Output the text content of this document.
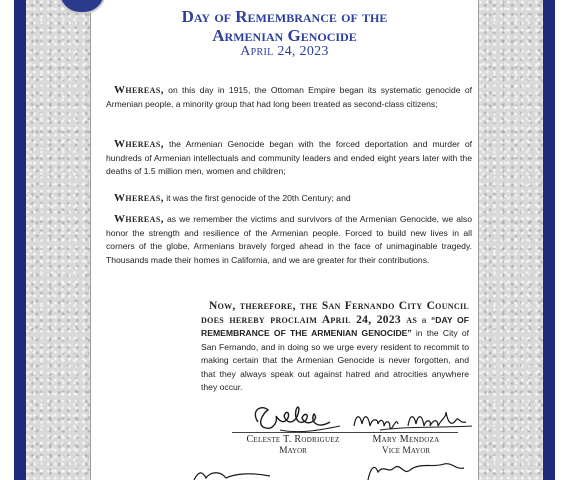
Day of Remembrance of the
Armenian Genocide
April 24, 2023
Whereas, on this day in 1915, the Ottoman Empire began its systematic genocide of Armenian people, a minority group that had long been treated as second-class citizens;
Whereas, the Armenian Genocide began with the forced deportation and murder of hundreds of Armenian intellectuals and community leaders and ended eight years later with the deaths of 1.5 million men, women and children;
Whereas, it was the first genocide of the 20th Century; and
Whereas, as we remember the victims and survivors of the Armenian Genocide, we also honor the strength and resilience of the Armenian people. Forced to build new lives in all corners of the globe, Armenians bravely forged ahead in the face of unimaginable tragedy. Thousands made their homes in California, and we are greater for their contributions.
Now, therefore, the San Fernando City Council does hereby proclaim April 24, 2023 as a “DAY OF REMEMBRANCE OF THE ARMENIAN GENOCIDE” in the City of San Fernando, and in doing so we urge every resident to recommit to making certain that the Armenian Genocide is never forgotten, and that they always speak out against hatred and atrocities anywhere they occur.
Celeste T. Rodriguez
Mayor
Mary Mendoza
Vice Mayor
